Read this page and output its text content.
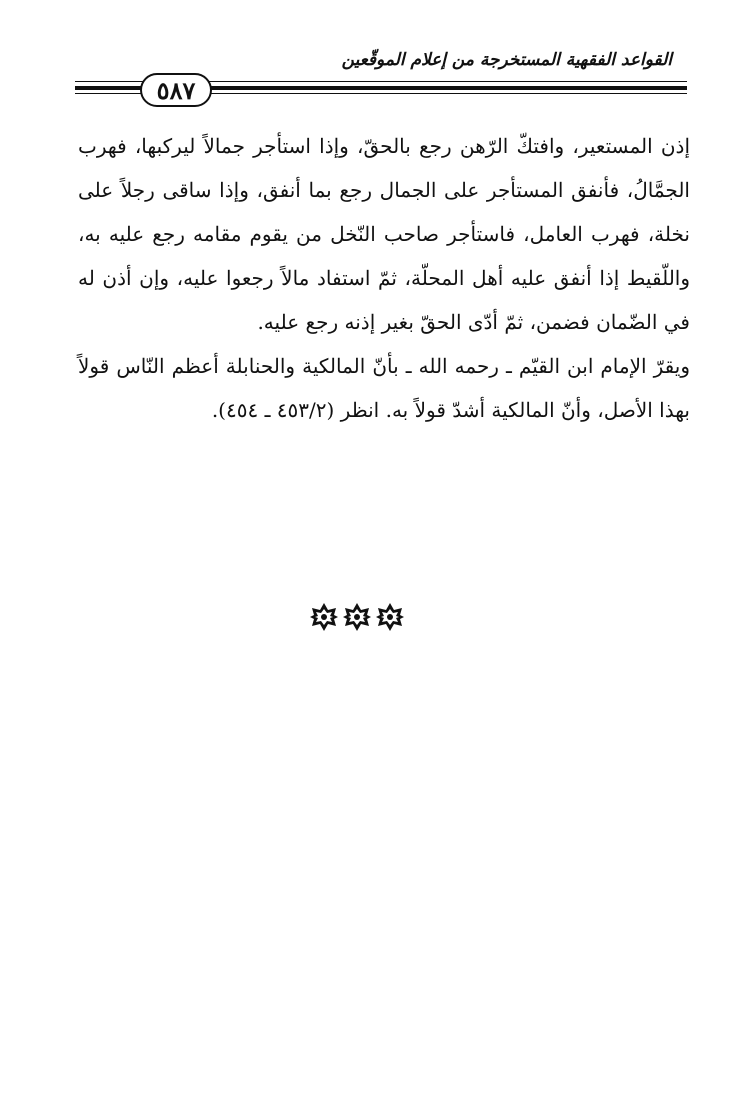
القواعد الفقهية المستخرجة من إعلام الموقّعين
٥٨٧

إذن المستعير، وافتكّ الرّهن رجع بالحقّ، وإذا استأجر جمالاً ليركبها، فهرب الجمَّالُ، فأنفق المستأجر على الجمال رجع بما أنفق، وإذا ساقى رجلاً على نخلة، فهرب العامل، فاستأجر صاحب النّخل من يقوم مقامه رجع عليه به، واللّقيط إذا أنفق عليه أهل المحلّة، ثمّ استفاد مالاً رجعوا عليه، وإن أذن له في الضّمان فضمن، ثمّ أدّى الحقّ بغير إذنه رجع عليه.

ويقرّ الإمام ابن القيّم ـ رحمه الله ـ بأنّ المالكية والحنابلة أعظم النّاس قولاً بهذا الأصل، وأنّ المالكية أشدّ قولاً به. انظر (٤٥٣/٢ ـ ٤٥٤).
